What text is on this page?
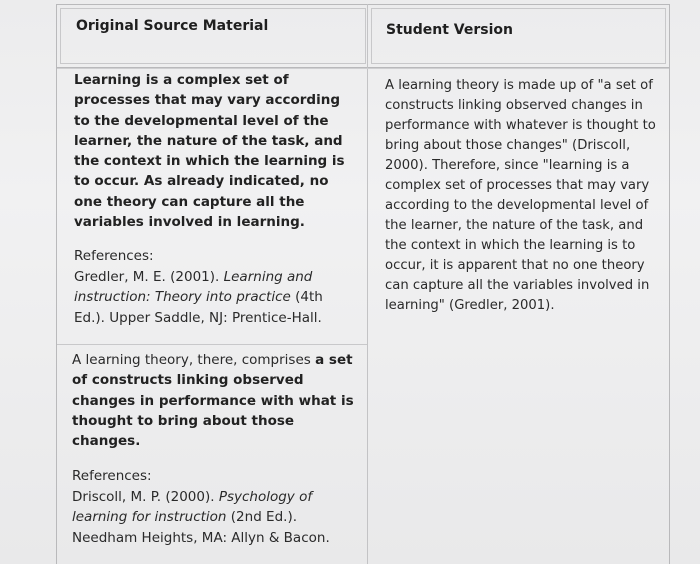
Original Source Material	Student Version

Learning is a complex set of
processes that may vary according
to the developmental level of the
learner, the nature of the task, and
the context in which the learning is
to occur. As already indicated, no
one theory can capture all the
variables involved in learning.

References:

Gredler, M. E. (2001). Learning and
instruction: Theory into practice (4th
Ed.). Upper Saddle, NJ: Prentice-Hall.

A learning theory, there, comprises a set
of constructs linking observed
changes in performance with what is
thought to bring about those
changes.

References:

Driscoll, M. P. (2000). Psychology of
learning for instruction (2nd Ed.).
Needham Heights, MA: Allyn & Bacon.

A learning theory is made up of "a set of
constructs linking observed changes in
performance with whatever is thought to
bring about those changes" (Driscoll,
2000). Therefore, since "learning is a
complex set of processes that may vary
according to the developmental level of
the learner, the nature of the task, and
the context in which the learning is to
occur, it is apparent that no one theory
can capture all the variables involved in
learning" (Gredler, 2001).
